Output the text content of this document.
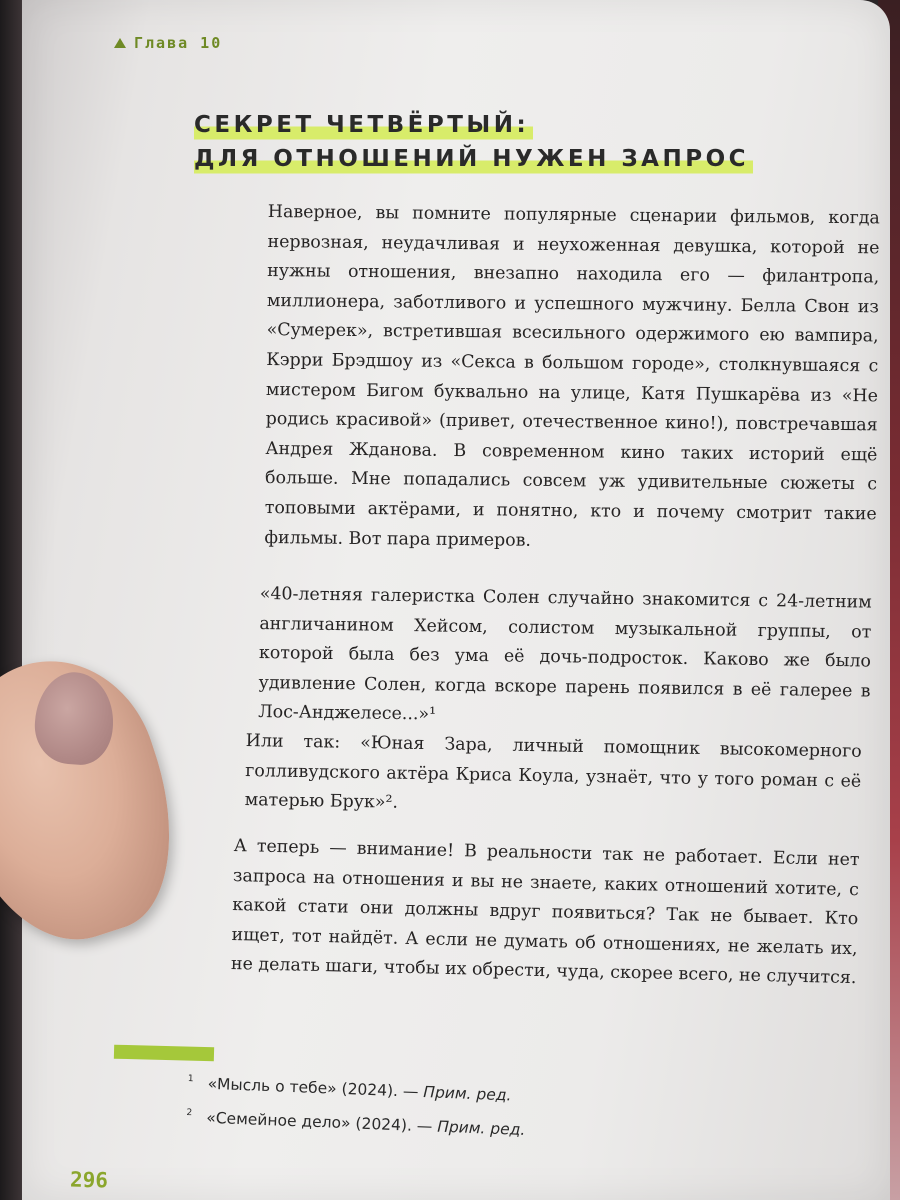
Глава 10
СЕКРЕТ ЧЕТВЁРТЫЙ:
ДЛЯ ОТНОШЕНИЙ НУЖЕН ЗАПРОС

Наверное, вы помните популярные сценарии фильмов, когда нервозная, неудачливая и неухоженная девушка, которой не нужны отношения, внезапно находила его — филантропа, миллионера, заботливого и успешного мужчину. Белла Свон из «Сумерек», встретившая всесильного одержимого ею вампира, Кэрри Брэдшоу из «Секса в большом городе», столкнувшаяся с мистером Бигом буквально на улице, Катя Пушкарёва из «Не родись красивой» (привет, отечественное кино!), повстречавшая Андрея Жданова. В современном кино таких историй ещё больше. Мне попадались совсем уж удивительные сюжеты с топовыми актёрами, и понятно, кто и почему смотрит такие фильмы. Вот пара примеров.

«40-летняя галеристка Солен случайно знакомится с 24-летним англичанином Хейсом, солистом музыкальной группы, от которой была без ума её дочь-подросток. Каково же было удивление Солен, когда вскоре парень появился в её галерее в Лос-Анджелесе...»¹

Или так: «Юная Зара, личный помощник высокомерного голливудского актёра Криса Коула, узнаёт, что у того роман с её матерью Брук»².

А теперь — внимание! В реальности так не работает. Если нет запроса на отношения и вы не знаете, каких отношений хотите, с какой стати они должны вдруг появиться? Так не бывает. Кто ищет, тот найдёт. А если не думать об отношениях, не желать их, не делать шаги, чтобы их обрести, чуда, скорее всего, не случится.

1 «Мысль о тебе» (2024). — Прим. ред.
2 «Семейное дело» (2024). — Прим. ред.
296
